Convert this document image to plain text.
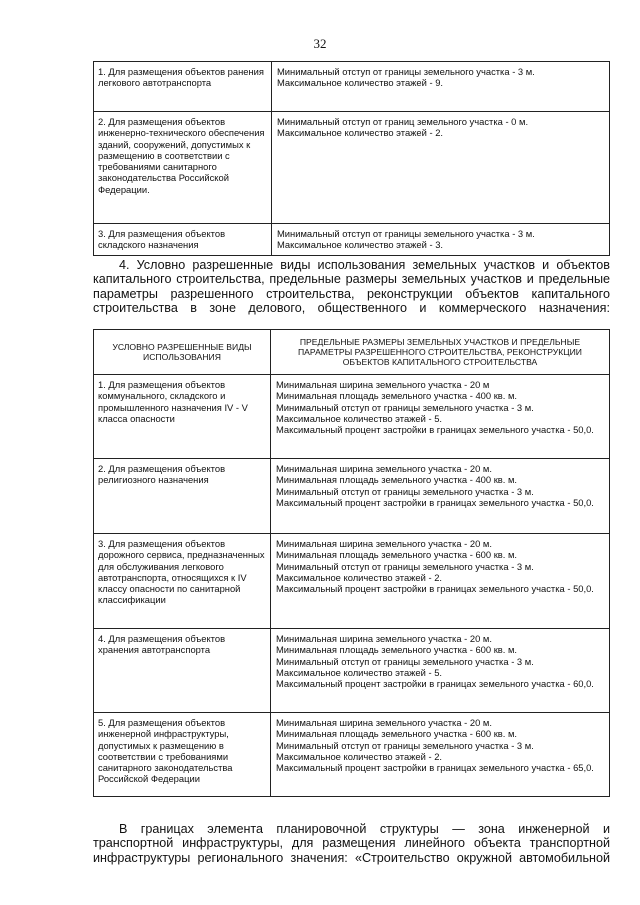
32
1. Для размещения объектов ранения легкового автотранспорта	Минимальный отступ от границы земельного участка - 3 м.
Максимальное количество этажей - 9.

2. Для размещения объектов инженерно-технического обеспечения зданий, сооружений, допустимых к размещению в соответствии с требованиями санитарного законодательства Российской Федерации.	Минимальный отступ от границ земельного участка - 0 м.
Максимальное количество этажей - 2.

3. Для размещения объектов складского назначения	Минимальный отступ от границы земельного участка - 3 м.
Максимальное количество этажей - 3.
4. Условно разрешенные виды использования земельных участков и объектов капитального строительства, предельные размеры земельных участков и предельные параметры разрешенного строительства, реконструкции объектов капитального строительства в зоне делового, общественного и коммерческого назначения:
УСЛОВНО РАЗРЕШЕННЫЕ ВИДЫ ИСПОЛЬЗОВАНИЯ	ПРЕДЕЛЬНЫЕ РАЗМЕРЫ ЗЕМЕЛЬНЫХ УЧАСТКОВ И ПРЕДЕЛЬНЫЕ ПАРАМЕТРЫ РАЗРЕШЕННОГО СТРОИТЕЛЬСТВА, РЕКОНСТРУКЦИИ ОБЪЕКТОВ КАПИТАЛЬНОГО СТРОИТЕЛЬСТВА
1. Для размещения объектов коммунального, складского и промышленного назначения IV - V класса опасности	Минимальная ширина земельного участка - 20 м
Минимальная площадь земельного участка - 400 кв. м.
Минимальный отступ от границы земельного участка - 3 м.
Максимальное количество этажей - 5.
Максимальный процент застройки в границах земельного участка - 50,0.

2. Для размещения объектов религиозного назначения	Минимальная ширина земельного участка - 20 м.
Минимальная площадь земельного участка - 400 кв. м.
Минимальный отступ от границы земельного участка - 3 м.
Максимальный процент застройки в границах земельного участка - 50,0.

3. Для размещения объектов дорожного сервиса, предназначенных для обслуживания легкового автотранспорта, относящихся к IV классу опасности по санитарной классификации	Минимальная ширина земельного участка - 20 м.
Минимальная площадь земельного участка - 600 кв. м.
Минимальный отступ от границы земельного участка - 3 м.
Максимальное количество этажей - 2.
Максимальный процент застройки в границах земельного участка - 50,0.

4. Для размещения объектов хранения автотранспорта	Минимальная ширина земельного участка - 20 м.
Минимальная площадь земельного участка - 600 кв. м.
Минимальный отступ от границы земельного участка - 3 м.
Максимальное количество этажей - 5.
Максимальный процент застройки в границах земельного участка - 60,0.

5. Для размещения объектов инженерной инфраструктуры, допустимых к размещению в соответствии с требованиями санитарного законодательства Российской Федерации	Минимальная ширина земельного участка - 20 м.
Минимальная площадь земельного участка - 600 кв. м.
Минимальный отступ от границы земельного участка - 3 м.
Максимальное количество этажей - 2.
Максимальный процент застройки в границах земельного участка - 65,0.
В границах элемента планировочной структуры — зона инженерной и транспортной инфраструктуры, для размещения линейного объекта транспортной инфраструктуры регионального значения: «Строительство окружной автомобильной
